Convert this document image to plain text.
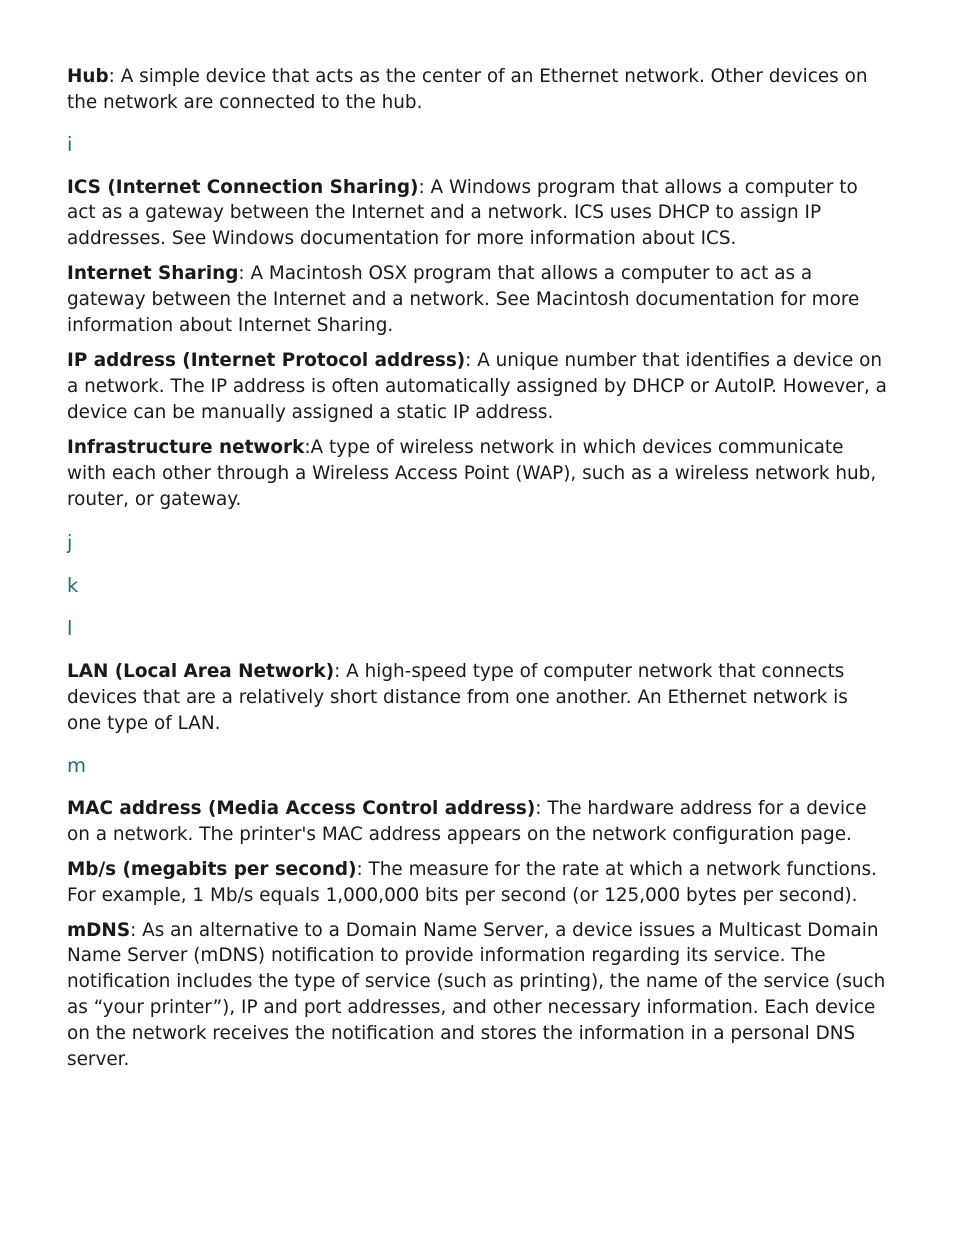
Hub: A simple device that acts as the center of an Ethernet network. Other devices on the network are connected to the hub.

i

ICS (Internet Connection Sharing): A Windows program that allows a computer to act as a gateway between the Internet and a network. ICS uses DHCP to assign IP addresses. See Windows documentation for more information about ICS.

Internet Sharing: A Macintosh OSX program that allows a computer to act as a gateway between the Internet and a network. See Macintosh documentation for more information about Internet Sharing.

IP address (Internet Protocol address): A unique number that identifies a device on a network. The IP address is often automatically assigned by DHCP or AutoIP. However, a device can be manually assigned a static IP address.

Infrastructure network:A type of wireless network in which devices communicate with each other through a Wireless Access Point (WAP), such as a wireless network hub, router, or gateway.

j

k

l

LAN (Local Area Network): A high-speed type of computer network that connects devices that are a relatively short distance from one another. An Ethernet network is one type of LAN.

m

MAC address (Media Access Control address): The hardware address for a device on a network. The printer's MAC address appears on the network configuration page.

Mb/s (megabits per second): The measure for the rate at which a network functions. For example, 1 Mb/s equals 1,000,000 bits per second (or 125,000 bytes per second).

mDNS: As an alternative to a Domain Name Server, a device issues a Multicast Domain Name Server (mDNS) notification to provide information regarding its service. The notification includes the type of service (such as printing), the name of the service (such as “your printer”), IP and port addresses, and other necessary information. Each device on the network receives the notification and stores the information in a personal DNS server.
